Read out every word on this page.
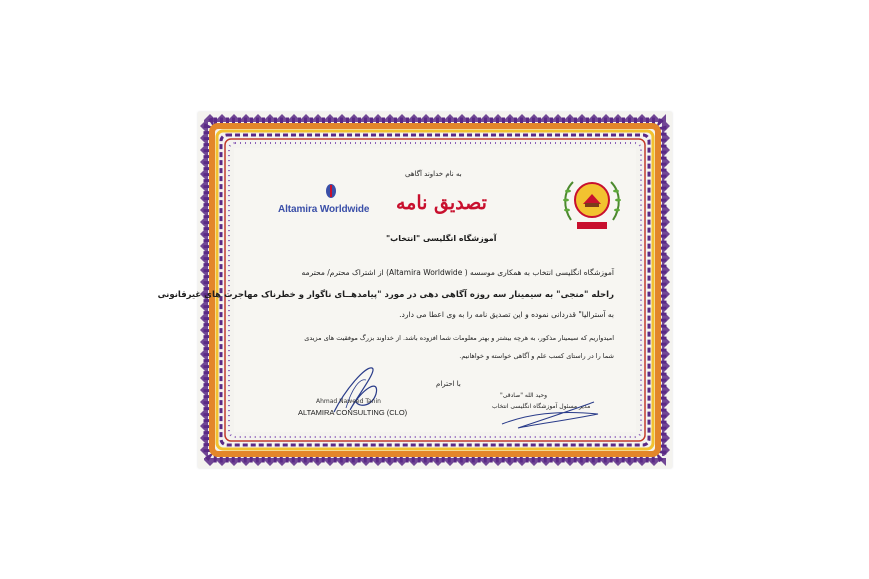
به نام خداوند آگاهی
تصدیق نامه
آموزشگاه انگلیسی "انتخاب"
Altamira Worldwide
آموزشگاه انگلیسی انتخاب به همکاری موسسه ( Altamira Worldwide) از اشتراک محترم/ محترمه
راحله "منجی" به سیمینار سه روزه آگاهی دهی در مورد "پیامدهــای ناگوار و خطرناک مهاجرت های غیرقانونی
به آسترالیا" قدردانی نموده و این تصدیق نامه را به وی اعطا می دارد.
امیدواریم که سیمینار مذکور، به هرچه بیشتر و بهتر معلومات شما افزوده باشد. از خداوند بزرگ موفقیت های مزیدی
شما را در راستای کسب علم و آگاهی خواسته و خواهانیم.
با احترام
Ahmad Naweed Tanin
ALTAMIRA CONSULTING (CLO)
وحید الله "صادقی"
مدیر مسئول آموزشگاه انگلیسی انتخاب
